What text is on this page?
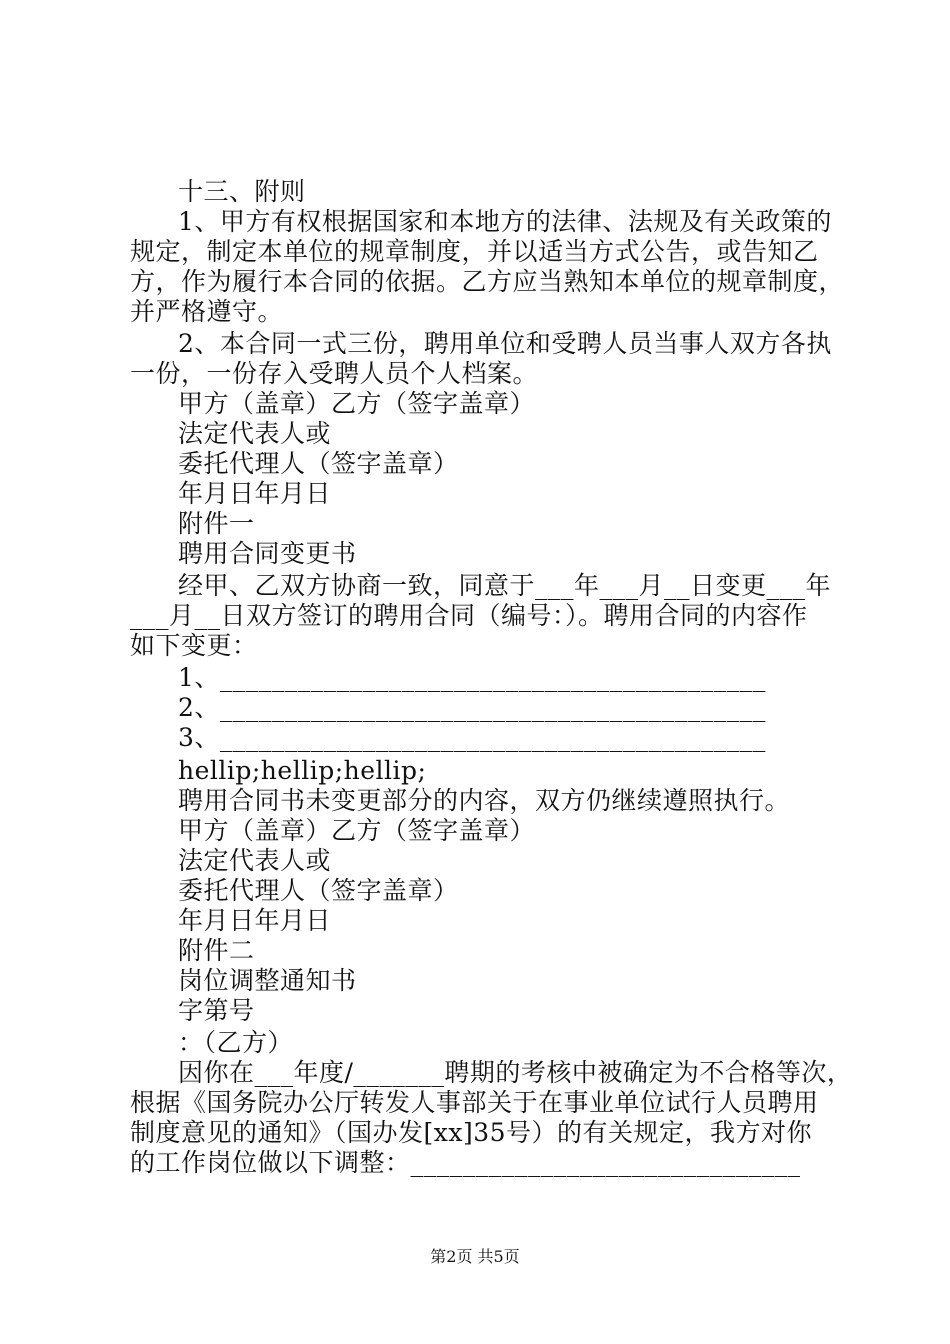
十三、附则
1、甲方有权根据国家和本地方的法律、法规及有关政策的
规定，制定本单位的规章制度，并以适当方式公告，或告知乙
方，作为履行本合同的依据。乙方应当熟知本单位的规章制度，
并严格遵守。
2、本合同一式三份，聘用单位和受聘人员当事人双方各执
一份，一份存入受聘人员个人档案。
甲方（盖章）乙方（签字盖章）
法定代表人或
委托代理人（签字盖章）
年月日年月日
附件一
聘用合同变更书
经甲、乙双方协商一致，同意于___年___月__日变更___年
___月__日双方签订的聘用合同（编号：）。聘用合同的内容作
如下变更：
1、__________________________________________
2、__________________________________________
3、__________________________________________
hellip;hellip;hellip;
聘用合同书未变更部分的内容，双方仍继续遵照执行。
甲方（盖章）乙方（签字盖章）
法定代表人或
委托代理人（签字盖章）
年月日年月日
附件二
岗位调整通知书
字第号
：（乙方）
因你在___年度/_______聘期的考核中被确定为不合格等次，
根据《国务院办公厅转发人事部关于在事业单位试行人员聘用
制度意见的通知》（国办发[xx]35号）的有关规定，我方对你
的工作岗位做以下调整：______________________________
第2页 共5页
